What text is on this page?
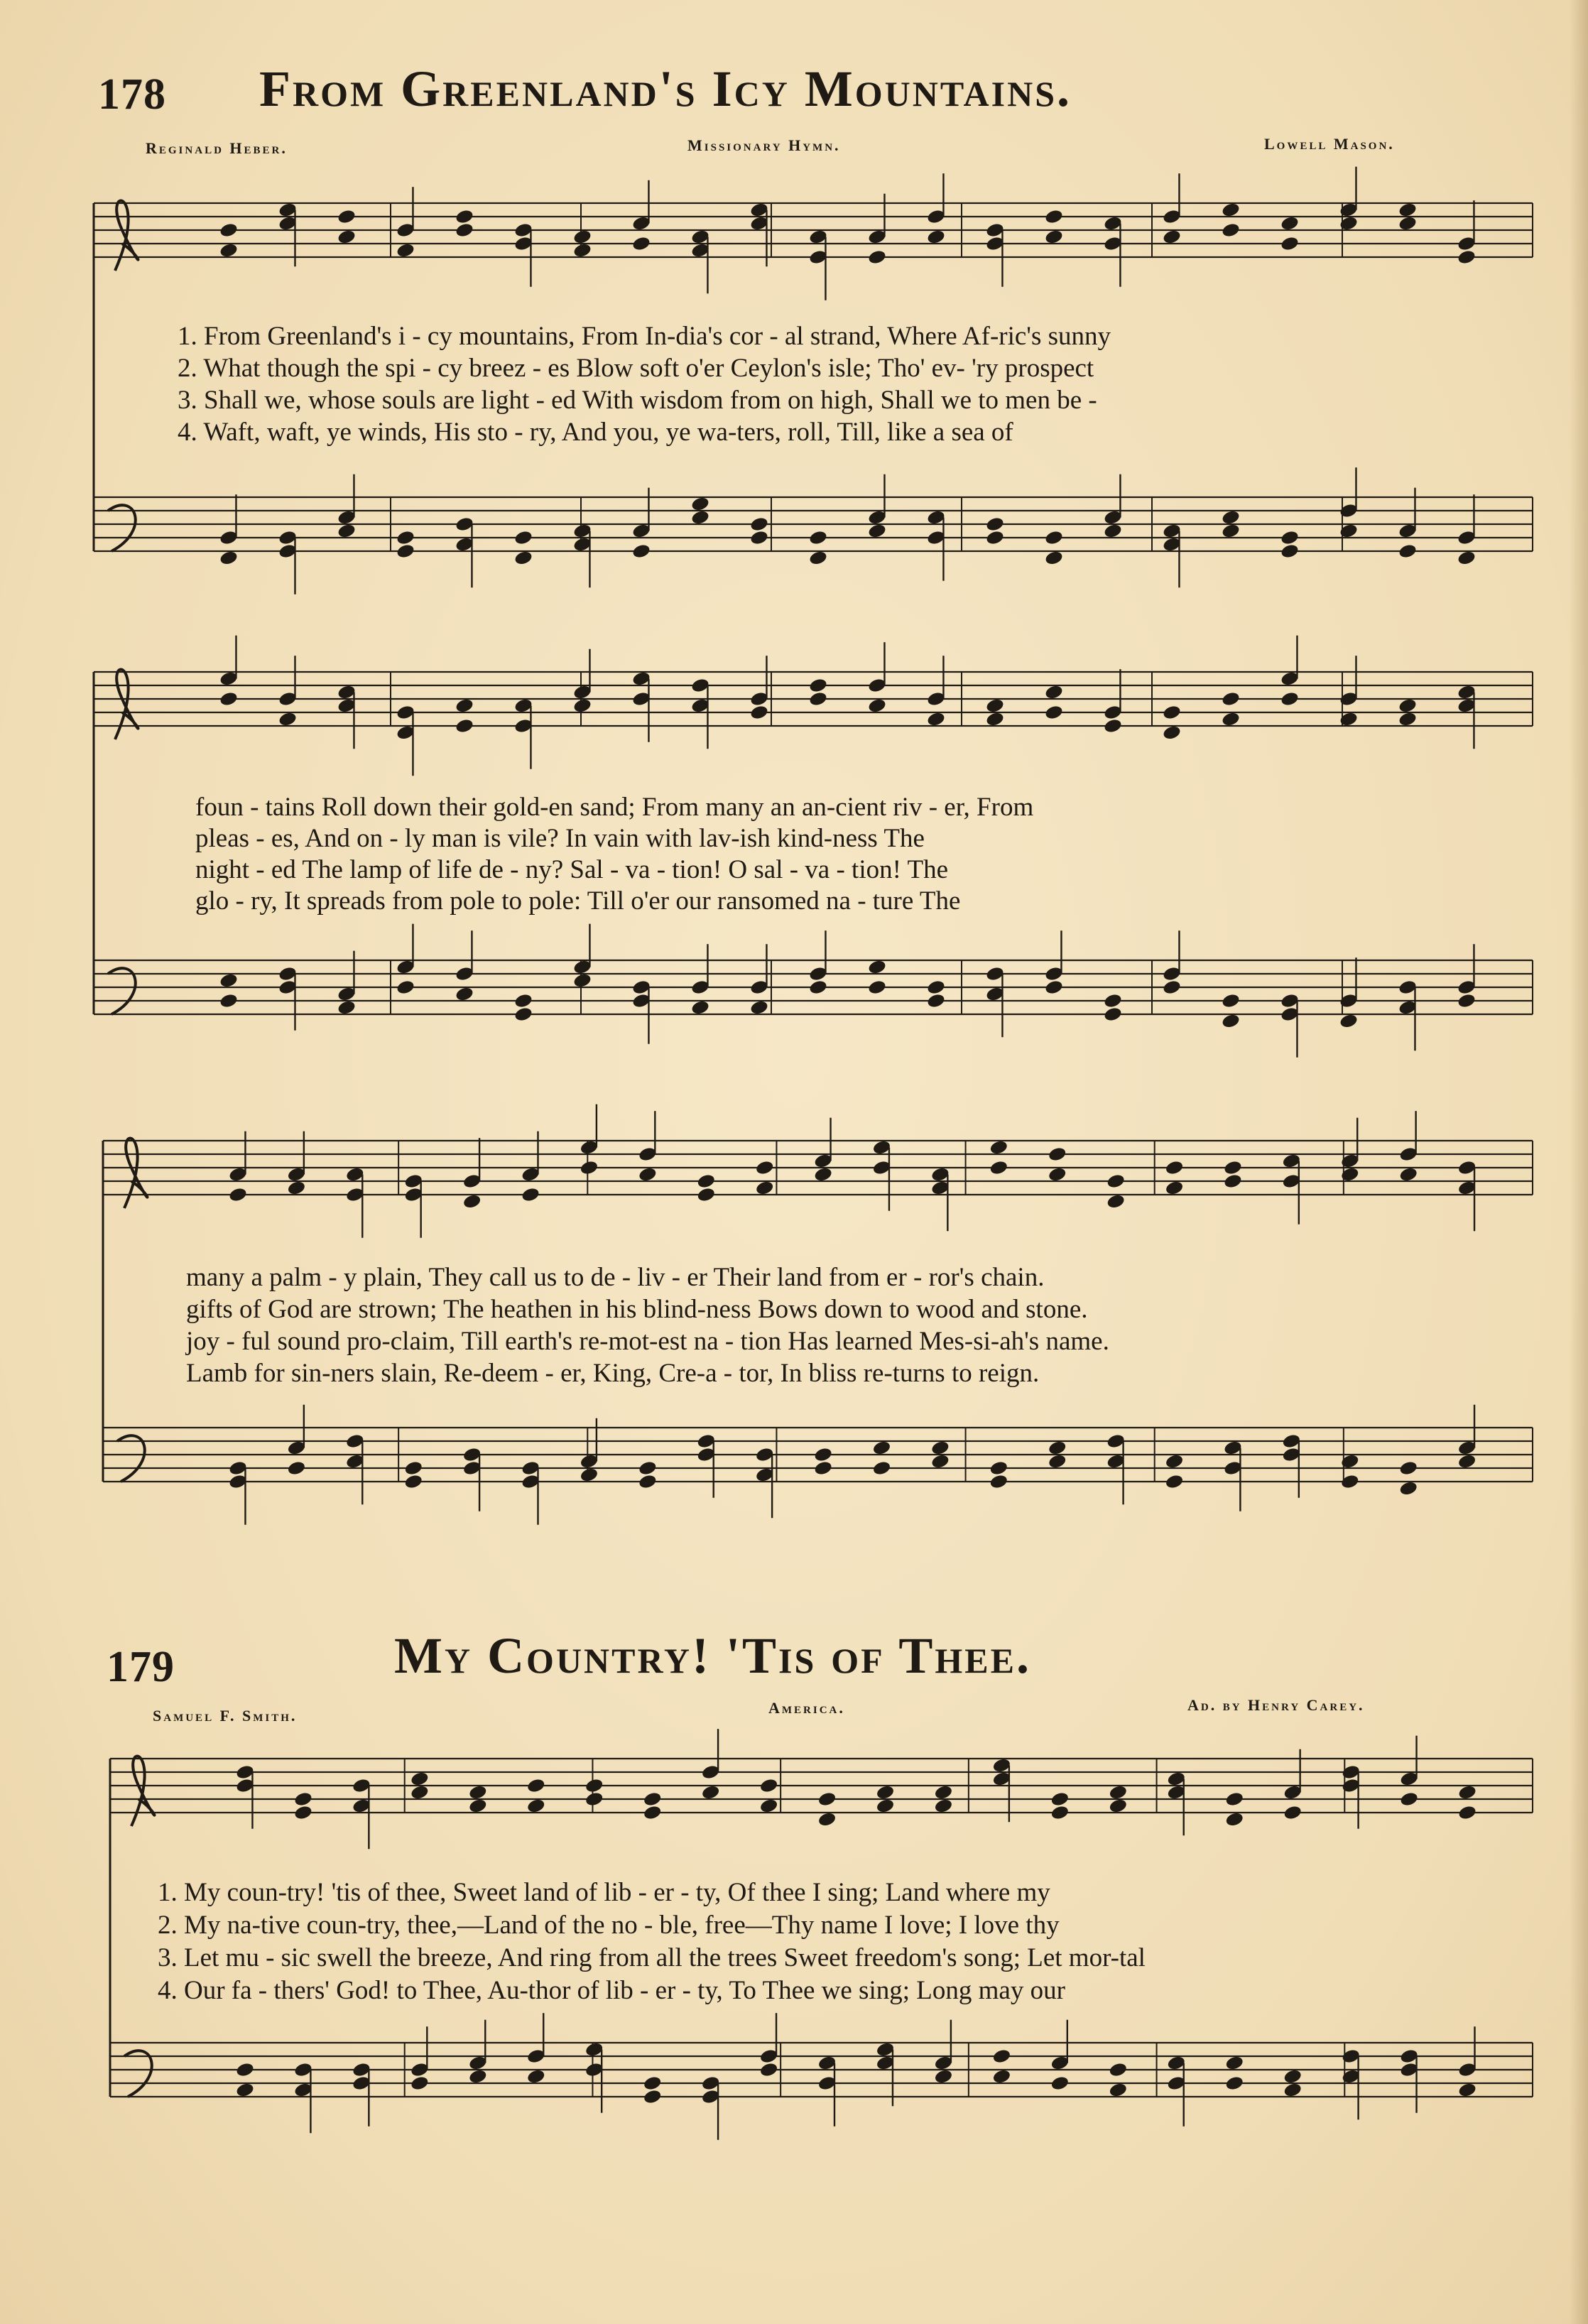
178 From Greenland's Icy Mountains.
Reginald Heber.	Missionary Hymn.	Lowell Mason.
1. From Greenland's i - cy mountains, From In-dia's cor - al strand, Where Af-ric's sunny
2. What though the spi - cy breez - es Blow soft o'er Ceylon's isle; Tho' ev- 'ry prospect
3. Shall we, whose souls are light - ed With wisdom from on high, Shall we to men be -
4. Waft, waft, ye winds, His sto - ry, And you, ye wa-ters, roll, Till, like a sea of
foun - tains Roll down their gold-en sand; From many an an-cient riv - er, From
pleas - es, And on - ly man is vile? In vain with lav-ish kind-ness The
night - ed The lamp of life de - ny? Sal - va - tion! O sal - va - tion! The
glo - ry, It spreads from pole to pole: Till o'er our ransomed na - ture The
many a palm - y plain, They call us to de - liv - er Their land from er - ror's chain.
gifts of God are strown; The heathen in his blind-ness Bows down to wood and stone.
joy - ful sound pro-claim, Till earth's re-mot-est na - tion Has learned Mes-si-ah's name.
Lamb for sin-ners slain, Re-deem - er, King, Cre-a - tor, In bliss re-turns to reign.
179	My Country! 'Tis of Thee.
Samuel F. Smith.	America.	Ad. by Henry Carey.
1. My coun-try! 'tis of thee, Sweet land of lib - er - ty, Of thee I sing; Land where my
2. My na-tive coun-try, thee,—Land of the no - ble, free—Thy name I love; I love thy
3. Let mu - sic swell the breeze, And ring from all the trees Sweet freedom's song; Let mor-tal
4. Our fa - thers' God! to Thee, Au-thor of lib - er - ty, To Thee we sing; Long may our
